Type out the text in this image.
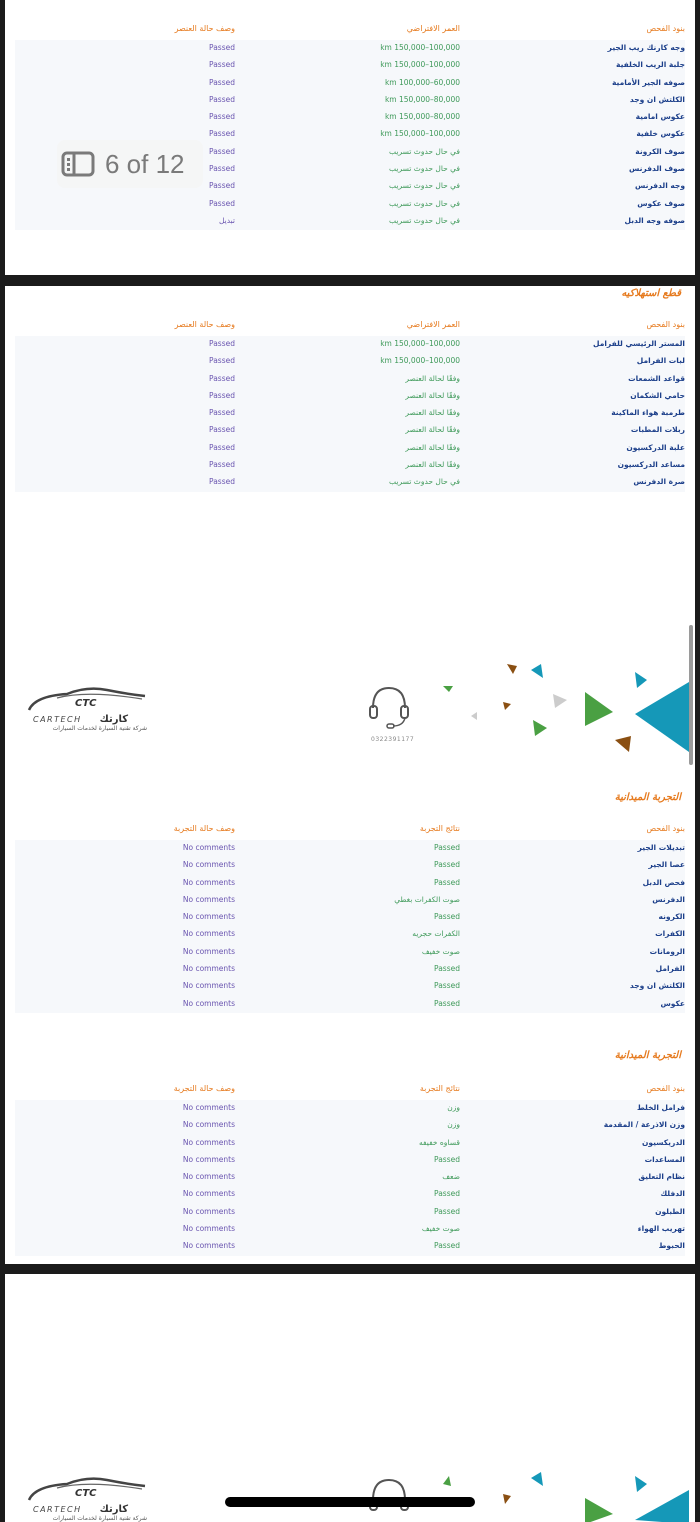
بنود الفحص
العمر الافتراضي
وصف حالة العنصر
وجه كارنك ريب الجير
km 150,000–100,000
Passed
جلبة الريب الخلفية
km 150,000–100,000
Passed
صوفه الجير الأمامية
km 100,000–60,000
Passed
الكلتش ان وجد
km 150,000–80,000
Passed
عكوس امامية
km 150,000–80,000
Passed
عكوس خلفية
km 150,000–100,000
Passed
صوف الكرونة
في حال حدوث تسريب
Passed
صوف الدفرنس
في حال حدوث تسريب
Passed
وجه الدفرنس
في حال حدوث تسريب
Passed
صوف عكوس
في حال حدوث تسريب
Passed
صوفه وجه الدبل
في حال حدوث تسريب
تبديل
6 of 12
قطع استهلاكيه
بنود الفحص
العمر الافتراضي
وصف حالة العنصر
المستر الرئيسي للفرامل
km 150,000–100,000
Passed
لبات الفرامل
km 150,000–100,000
Passed
قواعد الشمعات
وفقًا لحالة العنصر
Passed
حامي الشكمان
وفقًا لحالة العنصر
Passed
طرمبة هواء الماكينة
وفقًا لحالة العنصر
Passed
ربلات المطبات
وفقًا لحالة العنصر
Passed
علبة الدركسيون
وفقًا لحالة العنصر
Passed
مساعد الدركسيون
وفقًا لحالة العنصر
Passed
صرة الدفرنس
في حال حدوث تسريب
Passed
CTC
CARTECH كارتك
شركة تقنية السيارة لخدمات السيارات
0322391177
التجربة الميدانية
بنود الفحص
نتائج التجربة
وصف حالة التجربة
تبديلات الجير
Passed
No comments
عصا الجير
Passed
No comments
فحص الدبل
Passed
No comments
الدفرنس
صوت الكفرات بغطي
No comments
الكرونه
Passed
No comments
الكفرات
الكفرات حجريه
No comments
الرومانات
صوت خفيف
No comments
الفرامل
Passed
No comments
الكلتش ان وجد
Passed
No comments
عكوس
Passed
No comments
التجربة الميدانية
بنود الفحص
نتائج التجربة
وصف حالة التجربة
فرامل الخلط
وزن
No comments
وزن الاذرعة / المقدمة
وزن
No comments
الدريكسيون
قساوه خفيفه
No comments
المساعدات
Passed
No comments
نظام التعليق
ضعف
No comments
الدفلك
Passed
No comments
الطبلون
Passed
No comments
تهريب الهواء
صوت خفيف
No comments
الحبوط
Passed
No comments
CTC
CARTECH كارتك
شركة تقنية السيارة لخدمات السيارات
